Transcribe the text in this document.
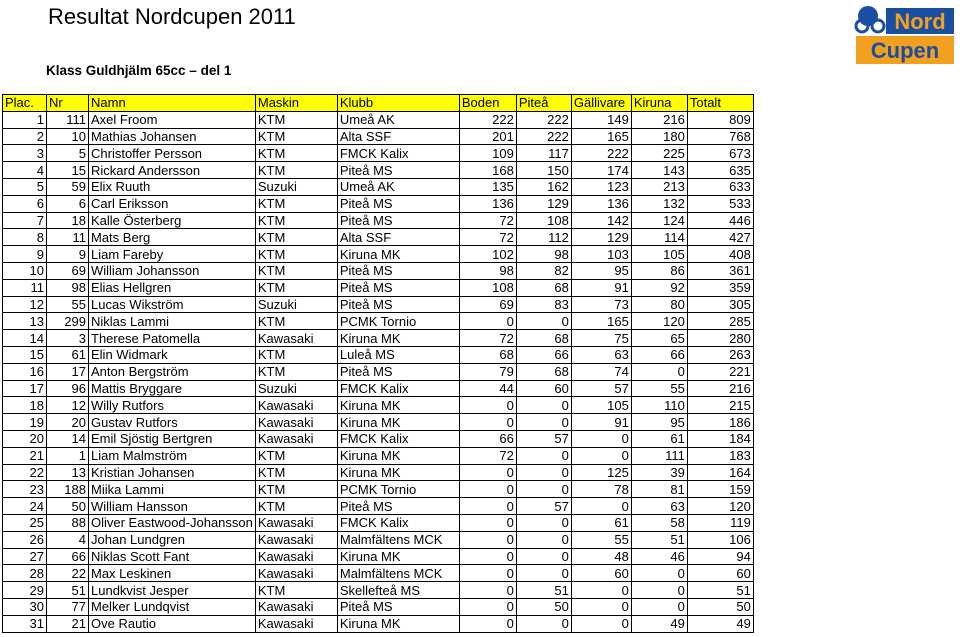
Resultat Nordcupen 2011
Klass Guldhjälm 65cc – del 1
Nord
Cupen
Plac.	Nr	Namn	Maskin	Klubb	Boden	Piteå	Gällivare	Kiruna	Totalt
1	111	Axel Froom	KTM	Umeå AK	222	222	149	216	809
2	10	Mathias Johansen	KTM	Alta SSF	201	222	165	180	768
3	5	Christoffer Persson	KTM	FMCK Kalix	109	117	222	225	673
4	15	Rickard Andersson	KTM	Piteå MS	168	150	174	143	635
5	59	Elix Ruuth	Suzuki	Umeå AK	135	162	123	213	633
6	6	Carl Eriksson	KTM	Piteå MS	136	129	136	132	533
7	18	Kalle Österberg	KTM	Piteå MS	72	108	142	124	446
8	11	Mats Berg	KTM	Alta SSF	72	112	129	114	427
9	9	Liam Fareby	KTM	Kiruna MK	102	98	103	105	408
10	69	William Johansson	KTM	Piteå MS	98	82	95	86	361
11	98	Elias Hellgren	KTM	Piteå MS	108	68	91	92	359
12	55	Lucas Wikström	Suzuki	Piteå MS	69	83	73	80	305
13	299	Niklas Lammi	KTM	PCMK Tornio	0	0	165	120	285
14	3	Therese Patomella	Kawasaki	Kiruna MK	72	68	75	65	280
15	61	Elin Widmark	KTM	Luleå MS	68	66	63	66	263
16	17	Anton Bergström	KTM	Piteå MS	79	68	74	0	221
17	96	Mattis Bryggare	Suzuki	FMCK Kalix	44	60	57	55	216
18	12	Willy Rutfors	Kawasaki	Kiruna MK	0	0	105	110	215
19	20	Gustav Rutfors	Kawasaki	Kiruna MK	0	0	91	95	186
20	14	Emil Sjöstig Bertgren	Kawasaki	FMCK Kalix	66	57	0	61	184
21	1	Liam Malmström	KTM	Kiruna MK	72	0	0	111	183
22	13	Kristian Johansen	KTM	Kiruna MK	0	0	125	39	164
23	188	Miika Lammi	KTM	PCMK Tornio	0	0	78	81	159
24	50	William Hansson	KTM	Piteå MS	0	57	0	63	120
25	88	Oliver Eastwood-Johansson	Kawasaki	FMCK Kalix	0	0	61	58	119
26	4	Johan Lundgren	Kawasaki	Malmfältens MCK	0	0	55	51	106
27	66	Niklas Scott Fant	Kawasaki	Kiruna MK	0	0	48	46	94
28	22	Max Leskinen	Kawasaki	Malmfältens MCK	0	0	60	0	60
29	51	Lundkvist Jesper	KTM	Skellefteå MS	0	51	0	0	51
30	77	Melker Lundqvist	Kawasaki	Piteå MS	0	50	0	0	50
31	21	Ove Rautio	Kawasaki	Kiruna MK	0	0	0	49	49
